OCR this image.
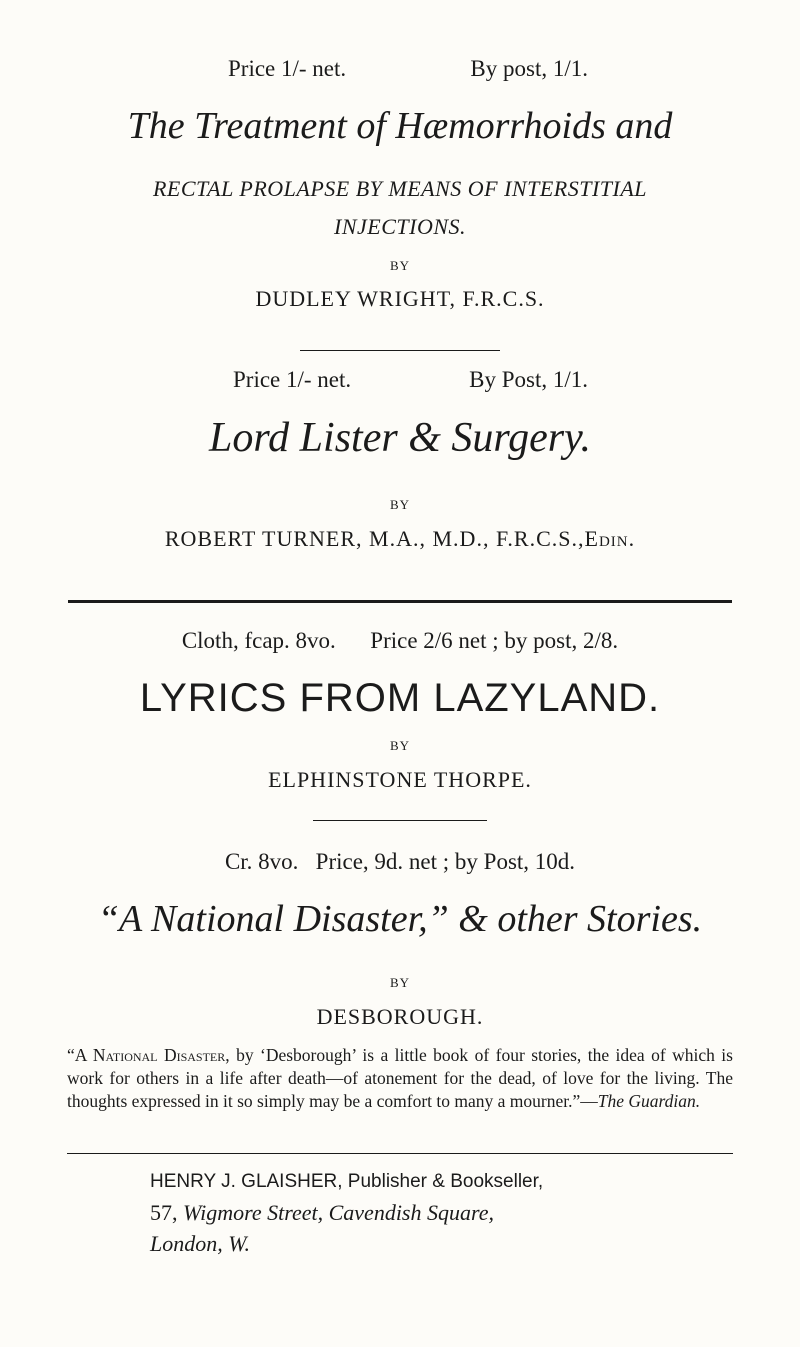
Price 1/- net.	By post, 1/1.
The Treatment of Hæmorrhoids and
RECTAL PROLAPSE BY MEANS OF INTERSTITIAL
INJECTIONS.
BY
DUDLEY WRIGHT, F.R.C.S.
Price 1/- net.	By Post, 1/1.
Lord Lister & Surgery.
BY
ROBERT TURNER, M.A., M.D., F.R.C.S.,Edin.
Cloth, fcap. 8vo.      Price 2/6 net ; by post, 2/8.
LYRICS FROM LAZYLAND.
BY
ELPHINSTONE THORPE.
Cr. 8vo.   Price, 9d. net ; by Post, 10d.
“A National Disaster,” & other Stories.
BY
DESBOROUGH.
“A National Disaster, by ‘Desborough’ is a little book of four stories, the idea of which is work for others in a life after death—of atonement for the dead, of love for the living. The thoughts expressed in it so simply may be a comfort to many a mourner.”—The Guardian.
HENRY J. GLAISHER, Publisher & Bookseller,
57, Wigmore Street, Cavendish Square,
London, W.
